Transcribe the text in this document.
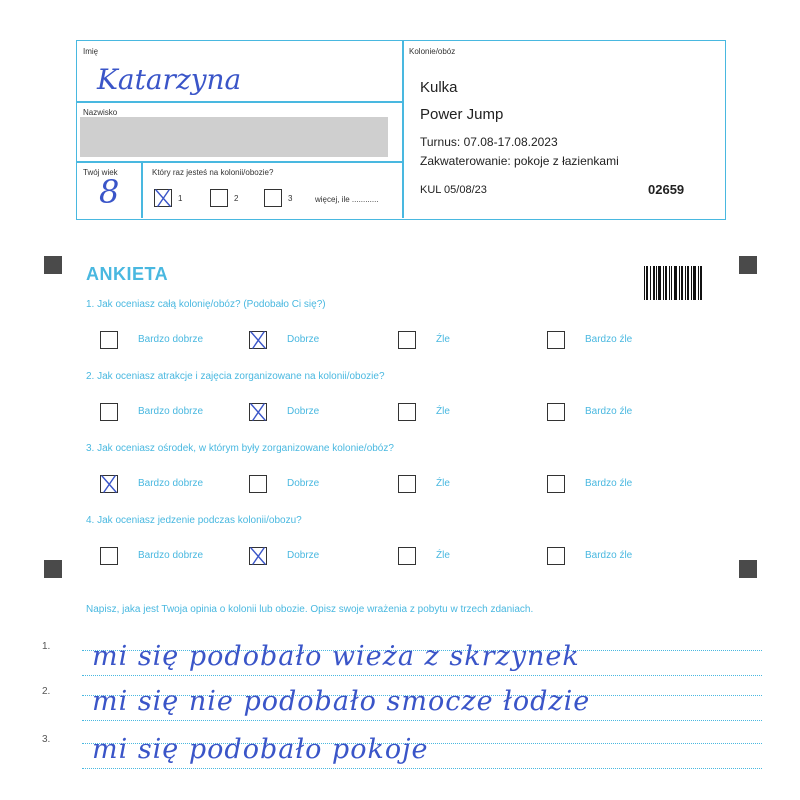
Imię
Katarzyna
Nazwisko
Twój wiek
8
Który raz jesteś na kolonii/obozie?
więcej, ile ............
Kolonie/obóz
Kulka
Power Jump
Turnus: 07.08-17.08.2023
Zakwaterowanie: pokoje z łazienkami
KUL 05/08/23	02659
1	2	3
ANKIETA
1. Jak oceniasz całą kolonię/obóz? (Podobało Ci się?)
Bardzo dobrze	Dobrze	Źle	Bardzo źle
2. Jak oceniasz atrakcje i zajęcia zorganizowane na kolonii/obozie?
Bardzo dobrze	Dobrze	Źle	Bardzo źle
3. Jak oceniasz ośrodek, w którym były zorganizowane kolonie/obóz?
Bardzo dobrze	Dobrze	Źle	Bardzo źle
4. Jak oceniasz jedzenie podczas kolonii/obozu?
Bardzo dobrze	Dobrze	Źle	Bardzo źle
Napisz, jaka jest Twoja opinia o kolonii lub obozie. Opisz swoje wrażenia z pobytu w trzech zdaniach.
1. mi się podobało wieża z skrzynek
2. mi się nie podobało smocze łodzie
3. mi się podobało pokoje
